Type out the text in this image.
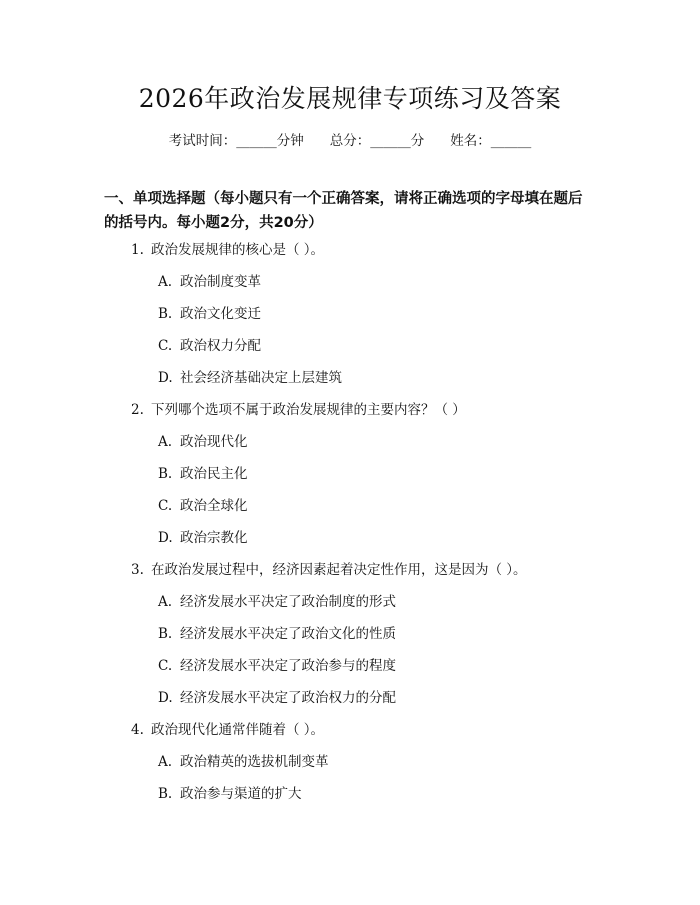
2026年政治发展规律专项练习及答案
考试时间：______分钟 总分：______分 姓名：______
一、单项选择题（每小题只有一个正确答案，请将正确选项的字母填在题后的括号内。每小题2分，共20分）
1. 政治发展规律的核心是（ ）。
A. 政治制度变革
B. 政治文化变迁
C. 政治权力分配
D. 社会经济基础决定上层建筑
2. 下列哪个选项不属于政治发展规律的主要内容？（ ）
A. 政治现代化
B. 政治民主化
C. 政治全球化
D. 政治宗教化
3. 在政治发展过程中，经济因素起着决定性作用，这是因为（ ）。
A. 经济发展水平决定了政治制度的形式
B. 经济发展水平决定了政治文化的性质
C. 经济发展水平决定了政治参与的程度
D. 经济发展水平决定了政治权力的分配
4. 政治现代化通常伴随着（ ）。
A. 政治精英的选拔机制变革
B. 政治参与渠道的扩大
